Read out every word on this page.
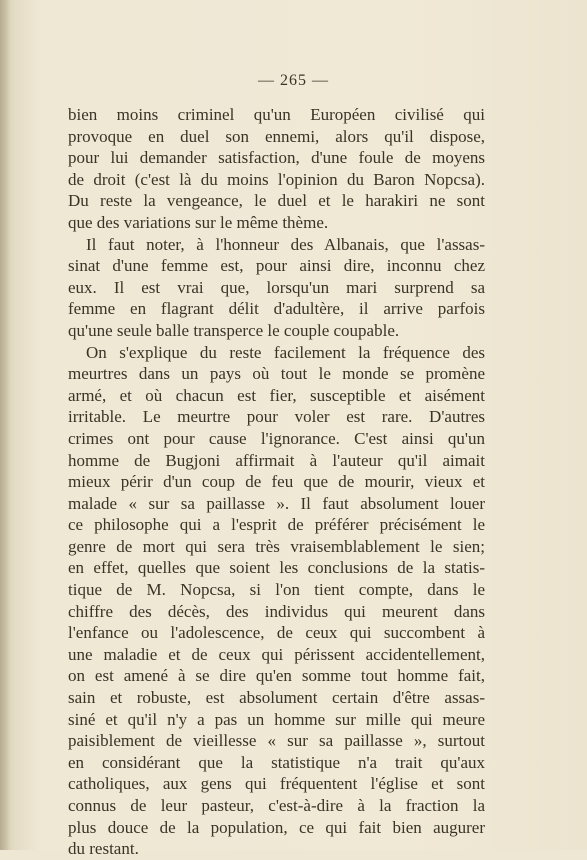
— 265 —
bien moins criminel qu'un Européen civilisé qui
provoque en duel son ennemi, alors qu'il dispose,
pour lui demander satisfaction, d'une foule de moyens
de droit (c'est là du moins l'opinion du Baron Nopcsa).
Du reste la vengeance, le duel et le harakiri ne sont
que des variations sur le même thème.
Il faut noter, à l'honneur des Albanais, que l'assas-
sinat d'une femme est, pour ainsi dire, inconnu chez
eux. Il est vrai que, lorsqu'un mari surprend sa
femme en flagrant délit d'adultère, il arrive parfois
qu'une seule balle transperce le couple coupable.
On s'explique du reste facilement la fréquence des
meurtres dans un pays où tout le monde se promène
armé, et où chacun est fier, susceptible et aisément
irritable. Le meurtre pour voler est rare. D'autres
crimes ont pour cause l'ignorance. C'est ainsi qu'un
homme de Bugjoni affirmait à l'auteur qu'il aimait
mieux périr d'un coup de feu que de mourir, vieux et
malade « sur sa paillasse ». Il faut absolument louer
ce philosophe qui a l'esprit de préférer précisément le
genre de mort qui sera très vraisemblablement le sien;
en effet, quelles que soient les conclusions de la statis-
tique de M. Nopcsa, si l'on tient compte, dans le
chiffre des décès, des individus qui meurent dans
l'enfance ou l'adolescence, de ceux qui succombent à
une maladie et de ceux qui périssent accidentellement,
on est amené à se dire qu'en somme tout homme fait,
sain et robuste, est absolument certain d'être assas-
siné et qu'il n'y a pas un homme sur mille qui meure
paisiblement de vieillesse « sur sa paillasse », surtout
en considérant que la statistique n'a trait qu'aux
catholiques, aux gens qui fréquentent l'église et sont
connus de leur pasteur, c'est-à-dire à la fraction la
plus douce de la population, ce qui fait bien augurer
du restant.
